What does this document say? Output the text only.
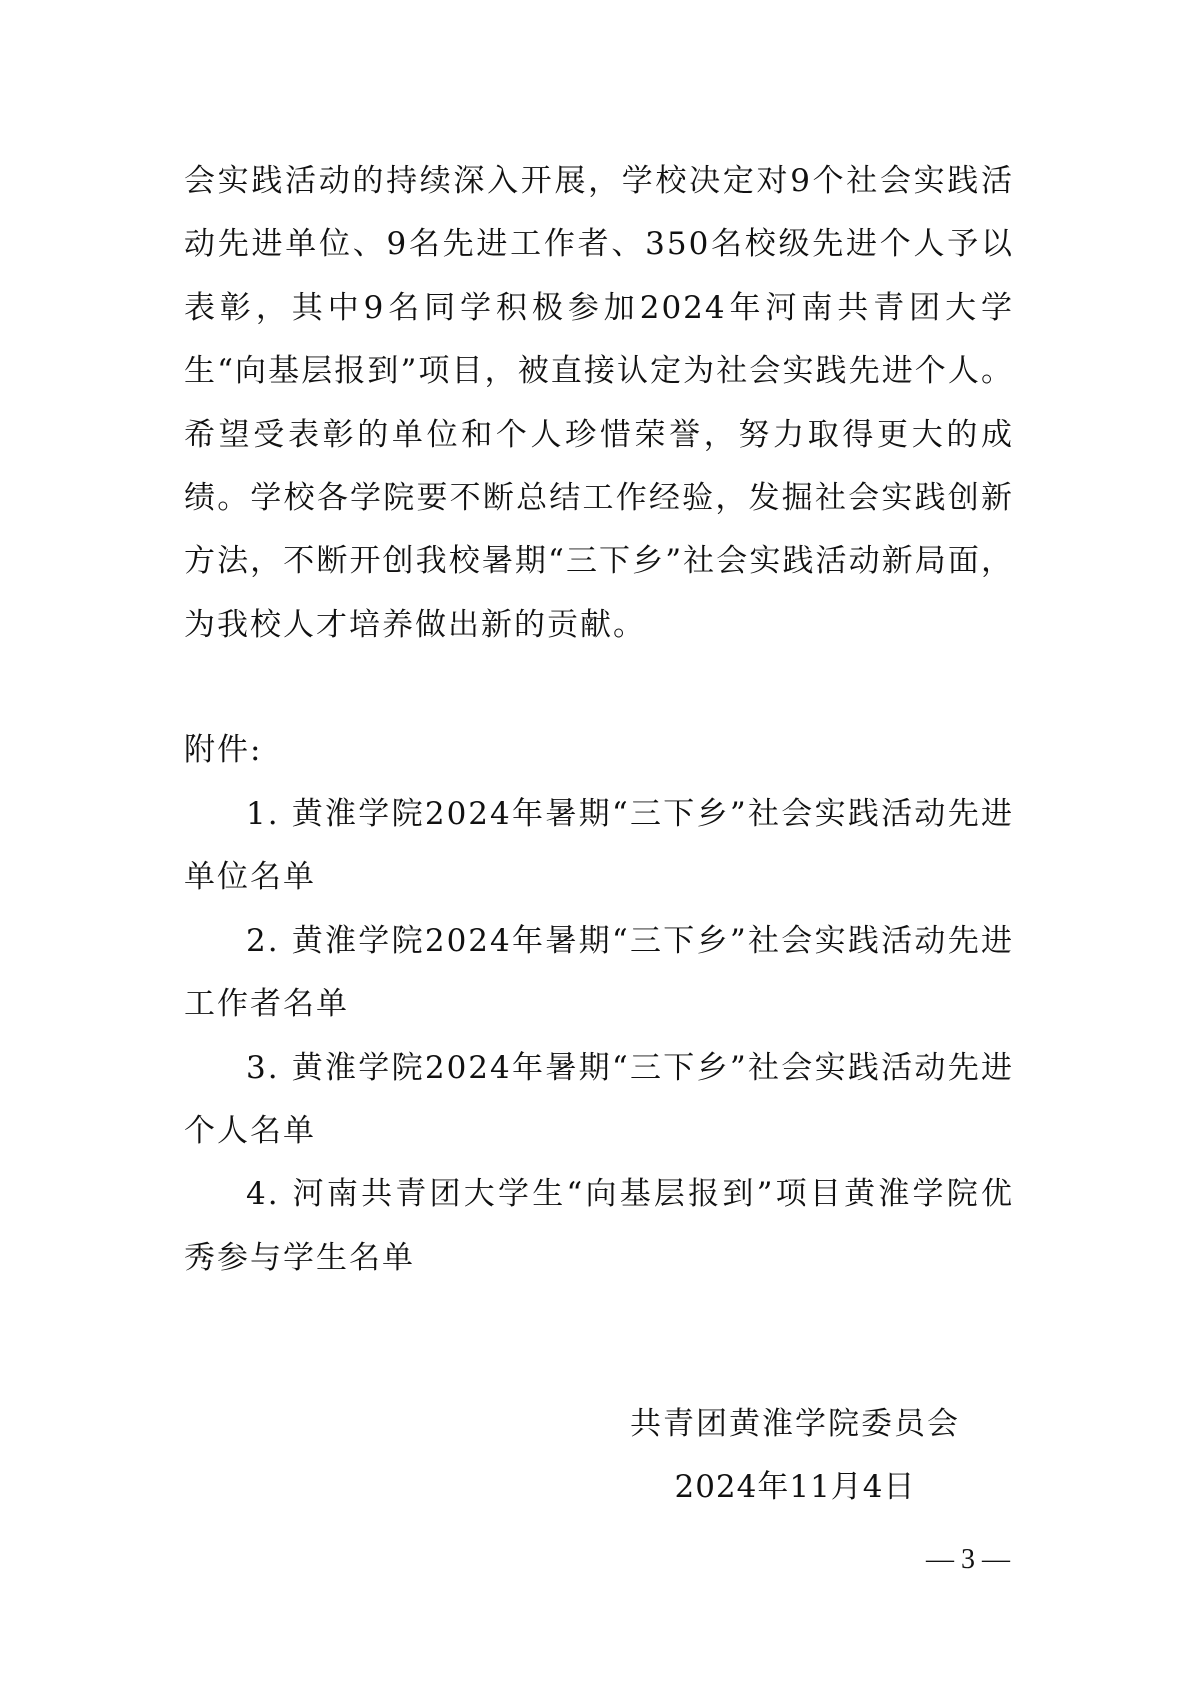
会实践活动的持续深入开展，学校决定对9个社会实践活动先进单位、9名先进工作者、350名校级先进个人予以表彰，其中9名同学积极参加2024年河南共青团大学生“向基层报到”项目，被直接认定为社会实践先进个人。希望受表彰的单位和个人珍惜荣誉，努力取得更大的成绩。学校各学院要不断总结工作经验，发掘社会实践创新方法，不断开创我校暑期“三下乡”社会实践活动新局面，为我校人才培养做出新的贡献。

附件:

1. 黄淮学院2024年暑期“三下乡”社会实践活动先进单位名单

2. 黄淮学院2024年暑期“三下乡”社会实践活动先进工作者名单

3. 黄淮学院2024年暑期“三下乡”社会实践活动先进个人名单

4. 河南共青团大学生“向基层报到”项目黄淮学院优秀参与学生名单

共青团黄淮学院委员会
2024年11月4日
— 3 —
